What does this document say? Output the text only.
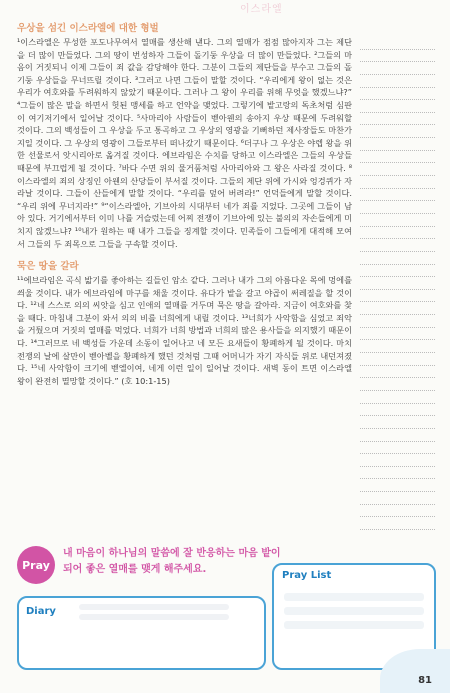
이스라엘
우상을 섬긴 이스라엘에 대한 형벌

¹이스라엘은 무성한 포도나무여서 열매를 생산해 낸다. 그의 열매가 점점 많아지자 그는 제단을 더 많이 만들었다. 그의 땅이 번성하자 그들이 돌기둥 우상을 더 많이 만들었다. ²그들의 마음이 거짓되니 이제 그들이 죄 값을 감당해야 한다. 그분이 그들의 제단들을 부수고 그들의 돌기둥 우상들을 무너뜨릴 것이다. ³그러고 나면 그들이 말할 것이다. “우리에게 왕이 없는 것은 우리가 여호와를 두려워하지 않았기 때문이다. 그러나 그 왕이 우리를 위해 무엇을 했겠느냐?” ⁴그들이 많은 말을 하면서 헛된 맹세를 하고 언약을 맺었다. 그렇기에 밭고랑의 독초처럼 심판이 여기저기에서 일어날 것이다. ⁵사마리아 사람들이 벧아웬의 송아지 우상 때문에 두려워할 것이다. 그의 백성들이 그 우상을 두고 통곡하고 그 우상의 영광을 기뻐하던 제사장들도 마찬가지일 것이다. 그 우상의 영광이 그들로부터 떠나갔기 때문이다. ⁶더구나 그 우상은 야렙 왕을 위한 선물로서 앗시리아로 옮겨질 것이다. 에브라임은 수치를 당하고 이스라엘은 그들의 우상들 때문에 부끄럽게 될 것이다. ⁷바다 수면 위의 물거품처럼 사마리아와 그 왕은 사라질 것이다. ⁸이스라엘의 죄의 상징인 아웬의 산당들이 부서질 것이다. 그들의 제단 위에 가시와 엉겅퀴가 자라날 것이다. 그들이 산들에게 말할 것이다. “우리를 덮어 버려라!” 언덕들에게 말할 것이다. “우리 위에 무너지라!” ⁹“이스라엘아, 기브아의 시대부터 네가 죄를 지었다. 그곳에 그들이 남아 있다. 거기에서부터 이미 나를 거슬렀는데 어찌 전쟁이 기브아에 있는 불의의 자손들에게 미치지 않겠느냐? ¹⁰내가 원하는 때 내가 그들을 징계할 것이다. 민족들이 그들에게 대적해 모여서 그들의 두 죄목으로 그들을 구속할 것이다.

묵은 땅을 갈라

¹¹에브라임은 곡식 밟기를 좋아하는 길들인 암소 같다. 그러나 내가 그의 아름다운 목에 멍에를 씌울 것이다. 내가 에브라임에 마구를 채울 것이다. 유다가 밭을 갈고 야곱이 써레질을 할 것이다. ¹²네 스스로 의의 씨앗을 심고 인애의 열매를 거두며 묵은 땅을 갈아라. 지금이 여호와를 찾을 때다. 마침내 그분이 와서 의의 비를 너희에게 내릴 것이다. ¹³너희가 사악함을 심었고 죄악을 거뒀으며 거짓의 열매를 먹었다. 너희가 너희 방법과 너희의 많은 용사들을 의지했기 때문이다. ¹⁴그러므로 네 백성들 가운데 소동이 일어나고 네 모든 요새들이 황폐하게 될 것이다. 마치 전쟁의 날에 살만이 벧아벨을 황폐하게 했던 것처럼 그때 어머니가 자기 자식들 위로 내던져졌다. ¹⁵네 사악함이 크기에 벧엘이여, 네게 이런 일이 일어날 것이다. 새벽 동이 트면 이스라엘 왕이 완전히 멸망할 것이다.” (호 10:1-15)

Pray
내 마음이 하나님의 말씀에 잘 반응하는 마음 밭이 되어 좋은 열매를 맺게 해주세요.
Pray List
Diary
81
